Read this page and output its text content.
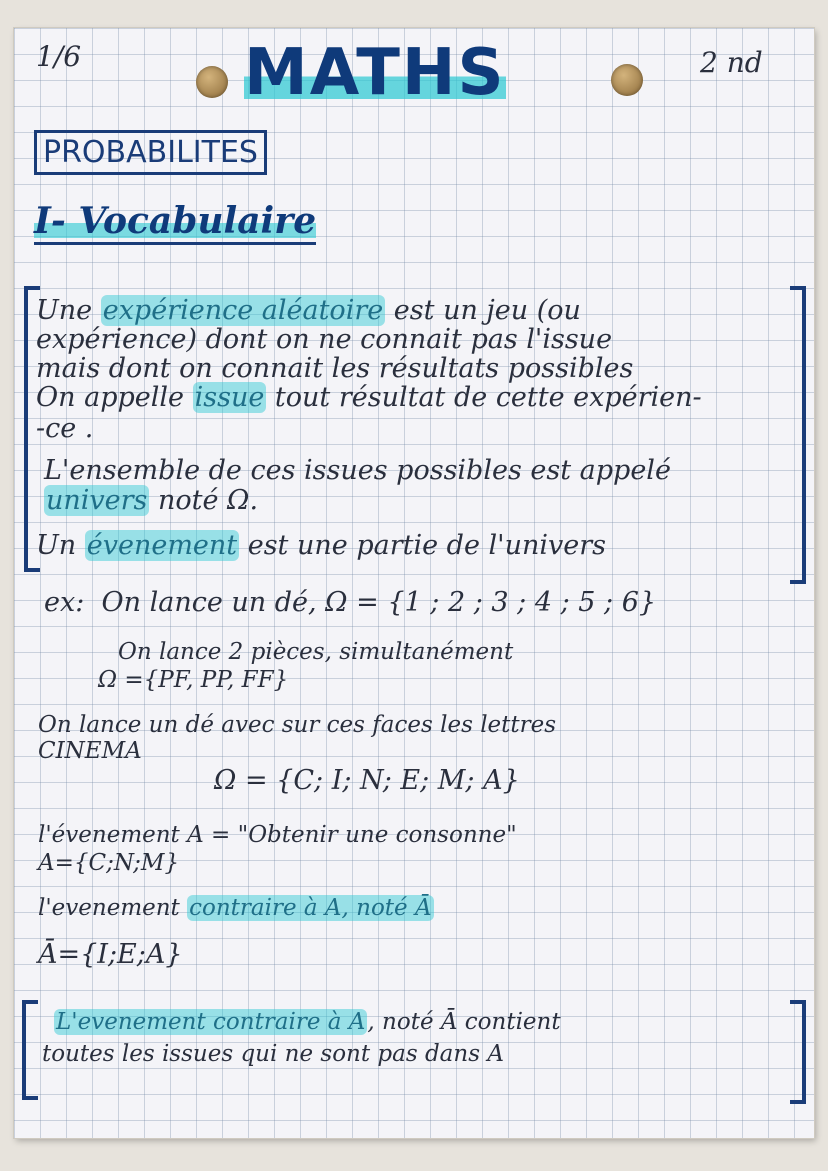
1/6	MATHS	2 nd
PROBABILITES
I- Vocabulaire
Une expérience aléatoire est un jeu (ou
expérience) dont on ne connait pas l'issue
mais dont on connait les résultats possibles
On appelle issue tout résultat de cette expérien-
-ce .
L'ensemble de ces issues possibles est appelé
univers noté Ω.
Un évenement est une partie de l'univers
ex: On lance un dé, Ω = {1 ; 2 ; 3 ; 4 ; 5 ; 6}
On lance 2 pièces, simultanément
Ω ={PF, PP, FF}
On lance un dé avec sur ces faces les lettres
CINEMA
Ω = {C; I; N; E; M; A}
l'évenement A = "Obtenir une consonne"
A={C;N;M}
l'evenement contraire à A, noté Ā
Ā={I;E;A}
L'evenement contraire à A, noté Ā contient
toutes les issues qui ne sont pas dans A
